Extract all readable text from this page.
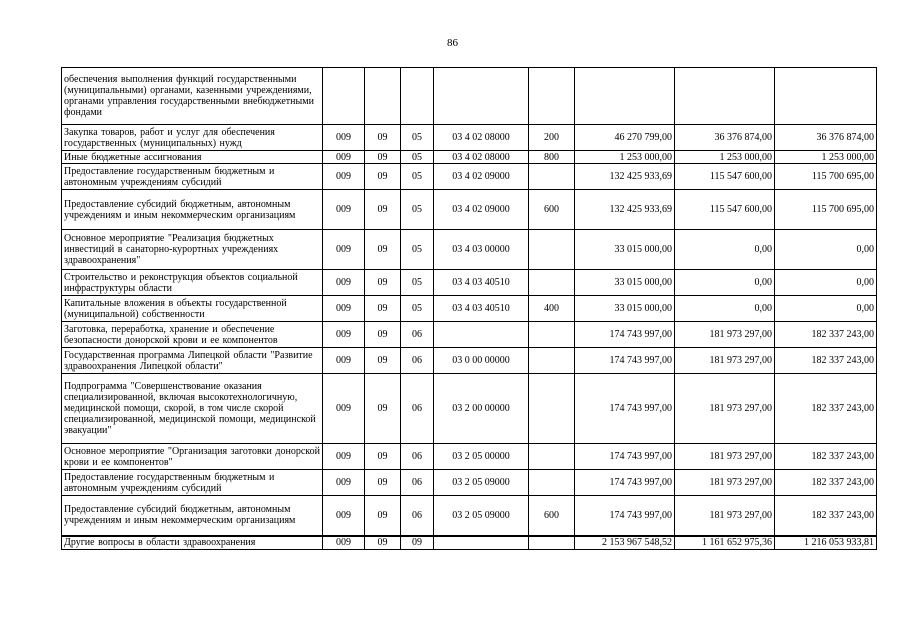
86
обеспечения выполнения функций государственными (муниципальными) органами, казенными учреждениями, органами управления государственными внебюджетными фондами								
Закупка товаров, работ и услуг для обеспечения государственных (муниципальных) нужд	009	09	05	03 4 02 08000	200	46 270 799,00	36 376 874,00	36 376 874,00
Иные бюджетные ассигнования	009	09	05	03 4 02 08000	800	1 253 000,00	1 253 000,00	1 253 000,00
Предоставление государственным бюджетным и автономным учреждениям субсидий	009	09	05	03 4 02 09000		132 425 933,69	115 547 600,00	115 700 695,00
Предоставление субсидий бюджетным, автономным учреждениям и иным некоммерческим организациям	009	09	05	03 4 02 09000	600	132 425 933,69	115 547 600,00	115 700 695,00
Основное мероприятие "Реализация бюджетных инвестиций в санаторно-курортных учреждениях здравоохранения"	009	09	05	03 4 03 00000		33 015 000,00	0,00	0,00
Строительство и реконструкция объектов социальной инфраструктуры области	009	09	05	03 4 03 40510		33 015 000,00	0,00	0,00
Капитальные вложения в объекты государственной (муниципальной) собственности	009	09	05	03 4 03 40510	400	33 015 000,00	0,00	0,00
Заготовка, переработка, хранение и обеспечение безопасности донорской крови и ее компонентов	009	09	06			174 743 997,00	181 973 297,00	182 337 243,00
Государственная программа Липецкой области "Развитие здравоохранения Липецкой области"	009	09	06	03 0 00 00000		174 743 997,00	181 973 297,00	182 337 243,00
Подпрограмма "Совершенствование оказания специализированной, включая высокотехнологичную, медицинской помощи, скорой, в том числе скорой специализированной, медицинской помощи, медицинской эвакуации"	009	09	06	03 2 00 00000		174 743 997,00	181 973 297,00	182 337 243,00
Основное мероприятие "Организация заготовки донорской крови и ее компонентов"	009	09	06	03 2 05 00000		174 743 997,00	181 973 297,00	182 337 243,00
Предоставление государственным бюджетным и автономным учреждениям субсидий	009	09	06	03 2 05 09000		174 743 997,00	181 973 297,00	182 337 243,00
Предоставление субсидий бюджетным, автономным учреждениям и иным некоммерческим организациям	009	09	06	03 2 05 09000	600	174 743 997,00	181 973 297,00	182 337 243,00
Другие вопросы в области здравоохранения	009	09	09			2 153 967 548,52	1 161 652 975,36	1 216 053 933,81
